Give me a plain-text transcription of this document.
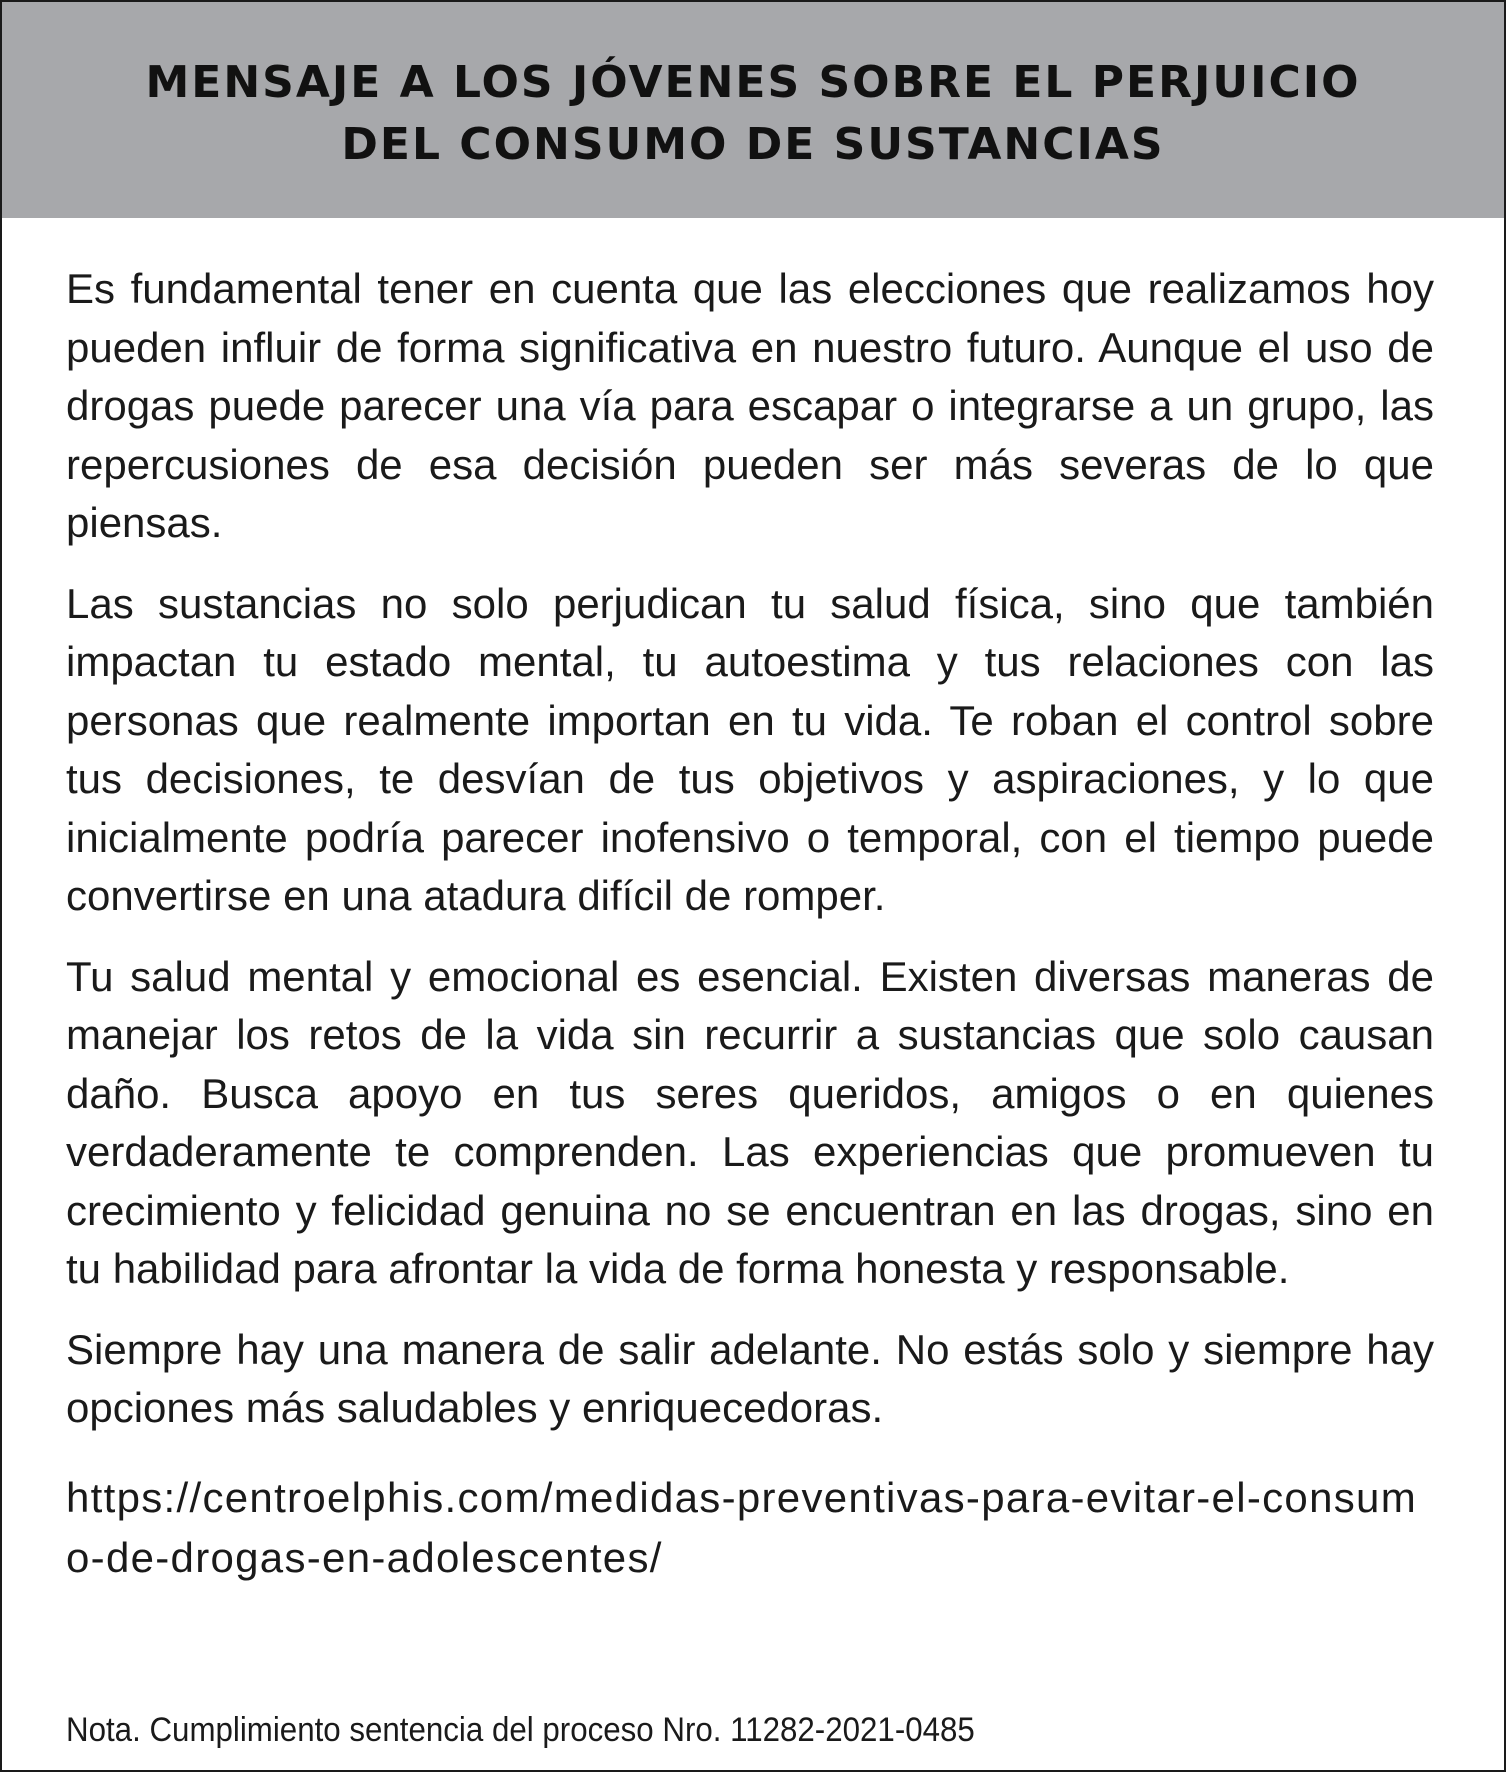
MENSAJE A LOS JÓVENES SOBRE EL PERJUICIO
DEL CONSUMO DE SUSTANCIAS

Es fundamental tener en cuenta que las elecciones que realizamos hoy pueden influir de forma significativa en nuestro futuro. Aunque el uso de drogas puede parecer una vía para escapar o integrarse a un grupo, las repercusiones de esa decisión pueden ser más severas de lo que piensas.

Las sustancias no solo perjudican tu salud física, sino que también impactan tu estado mental, tu autoestima y tus relaciones con las personas que realmente importan en tu vida. Te roban el control sobre tus decisiones, te desvían de tus objetivos y aspiraciones, y lo que inicialmente podría parecer inofensivo o temporal, con el tiempo puede convertirse en una atadura difícil de romper.

Tu salud mental y emocional es esencial. Existen diversas maneras de manejar los retos de la vida sin recurrir a sustancias que solo causan daño. Busca apoyo en tus seres queridos, amigos o en quienes verdaderamente te comprenden. Las experiencias que promueven tu crecimiento y felicidad genuina no se encuentran en las drogas, sino en tu habilidad para afrontar la vida de forma honesta y responsable.

Siempre hay una manera de salir adelante. No estás solo y siempre hay opciones más saludables y enriquecedoras.

https://centroelphis.com/medidas-preventivas-para-evitar-el-consumo-de-drogas-en-adolescentes/

Nota. Cumplimiento sentencia del proceso Nro. 11282-2021-0485
